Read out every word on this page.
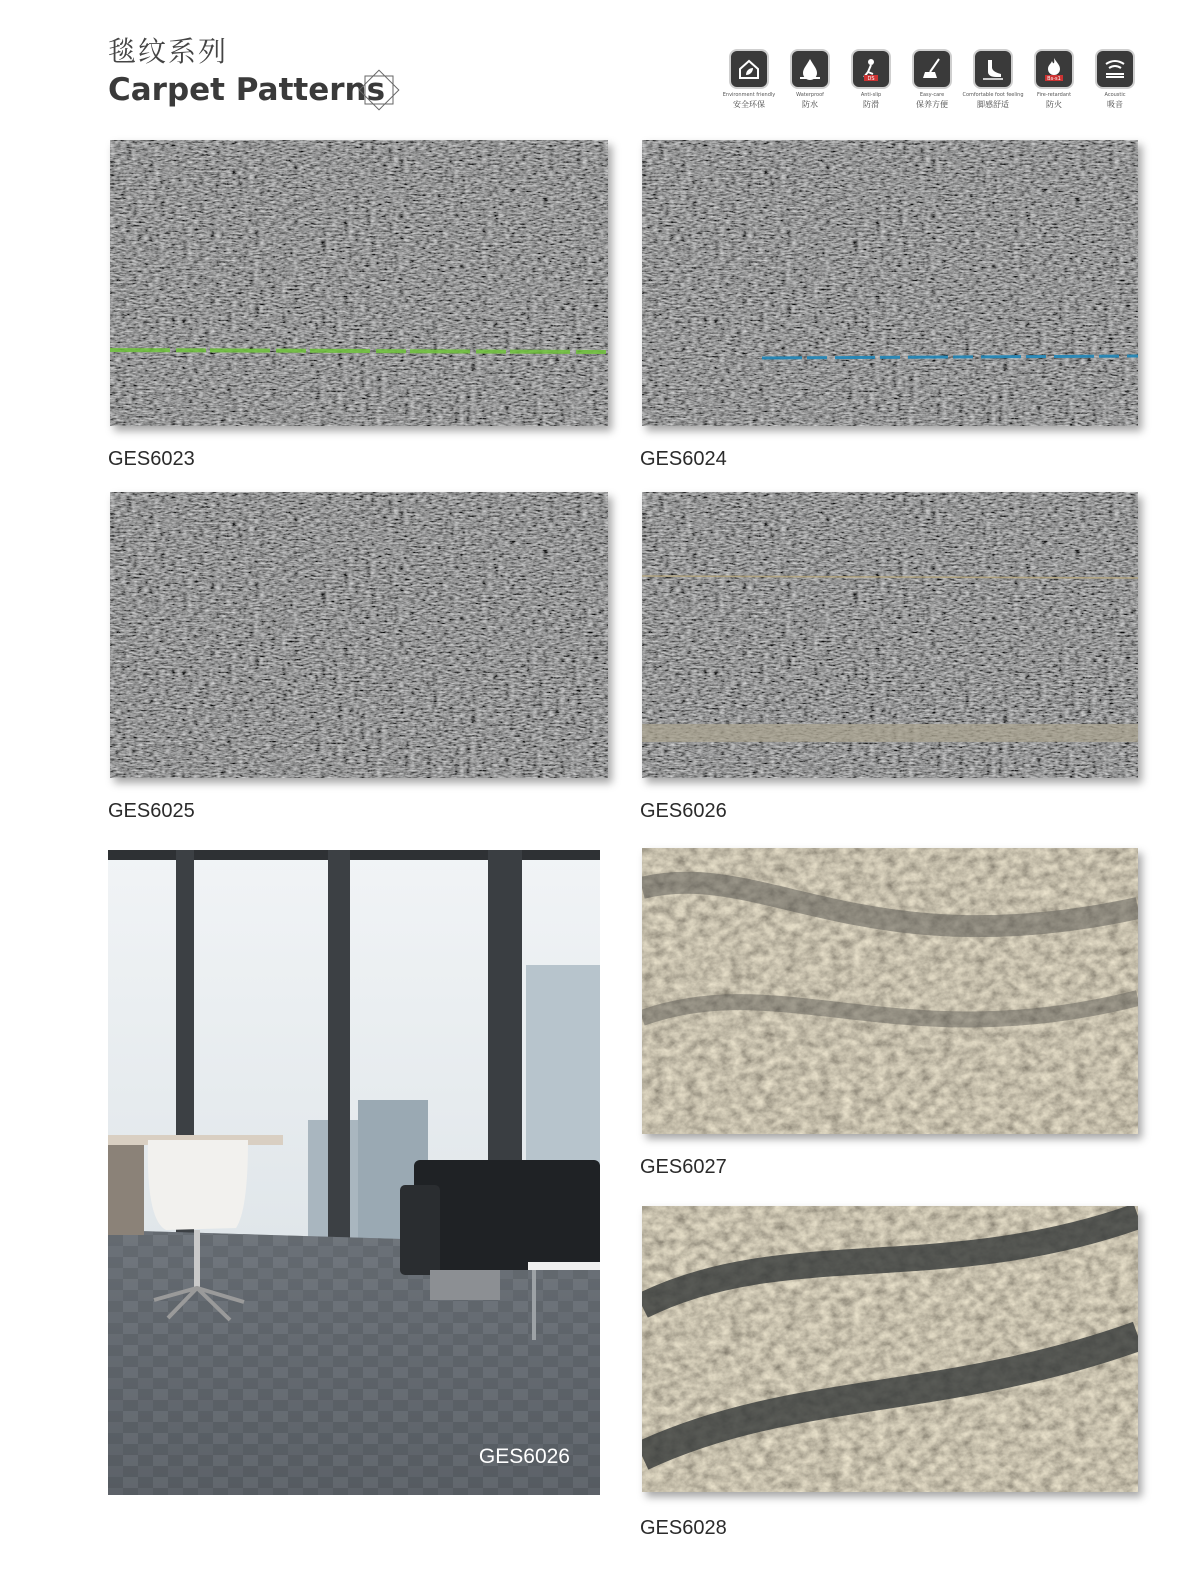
毯纹系列
Carpet Patterns	Environment friendly
安全环保
Waterproof
防水
DS
Anti-slip
防滑
Easy-care
保养方便
Comfortable foot feeling
脚感舒适
Bs-s1
Fire-retardant
防火
Acoustic
吸音
GES6023	GES6024
GES6025	GES6026
GES6026
GES6027
GES6028
